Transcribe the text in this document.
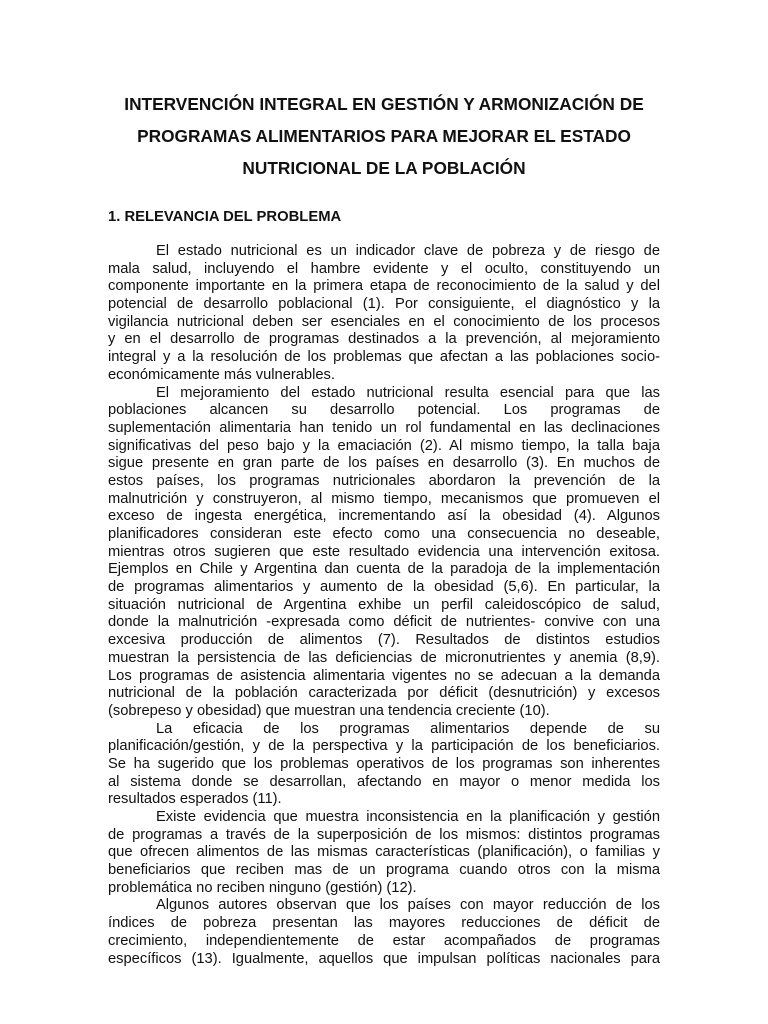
INTERVENCIÓN INTEGRAL EN GESTIÓN Y ARMONIZACIÓN DE
PROGRAMAS ALIMENTARIOS PARA MEJORAR EL ESTADO
NUTRICIONAL DE LA POBLACIÓN
1. RELEVANCIA DEL PROBLEMA
El estado nutricional es un indicador clave de pobreza y de riesgo de
mala salud, incluyendo el hambre evidente y el oculto, constituyendo un
componente importante en la primera etapa de reconocimiento de la salud y del
potencial de desarrollo poblacional (1). Por consiguiente, el diagnóstico y la
vigilancia nutricional deben ser esenciales en el conocimiento de los procesos
y en el desarrollo de programas destinados a la prevención, al mejoramiento
integral y a la resolución de los problemas que afectan a las poblaciones socio-
económicamente más vulnerables.
El mejoramiento del estado nutricional resulta esencial para que las
poblaciones alcancen su desarrollo potencial. Los programas de
suplementación alimentaria han tenido un rol fundamental en las declinaciones
significativas del peso bajo y la emaciación (2). Al mismo tiempo, la talla baja
sigue presente en gran parte de los países en desarrollo (3). En muchos de
estos países, los programas nutricionales abordaron la prevención de la
malnutrición y construyeron, al mismo tiempo, mecanismos que promueven el
exceso de ingesta energética, incrementando así la obesidad (4). Algunos
planificadores consideran este efecto como una consecuencia no deseable,
mientras otros sugieren que este resultado evidencia una intervención exitosa.
Ejemplos en Chile y Argentina dan cuenta de la paradoja de la implementación
de programas alimentarios y aumento de la obesidad (5,6). En particular, la
situación nutricional de Argentina exhibe un perfil caleidoscópico de salud,
donde la malnutrición -expresada como déficit de nutrientes- convive con una
excesiva producción de alimentos (7). Resultados de distintos estudios
muestran la persistencia de las deficiencias de micronutrientes y anemia (8,9).
Los programas de asistencia alimentaria vigentes no se adecuan a la demanda
nutricional de la población caracterizada por déficit (desnutrición) y excesos
(sobrepeso y obesidad) que muestran una tendencia creciente (10).
La eficacia de los programas alimentarios depende de su
planificación/gestión, y de la perspectiva y la participación de los beneficiarios.
Se ha sugerido que los problemas operativos de los programas son inherentes
al sistema donde se desarrollan, afectando en mayor o menor medida los
resultados esperados (11).
Existe evidencia que muestra inconsistencia en la planificación y gestión
de programas a través de la superposición de los mismos: distintos programas
que ofrecen alimentos de las mismas características (planificación), o familias y
beneficiarios que reciben mas de un programa cuando otros con la misma
problemática no reciben ninguno (gestión) (12).
Algunos autores observan que los países con mayor reducción de los
índices de pobreza presentan las mayores reducciones de déficit de
crecimiento, independientemente de estar acompañados de programas
específicos (13). Igualmente, aquellos que impulsan políticas nacionales para
